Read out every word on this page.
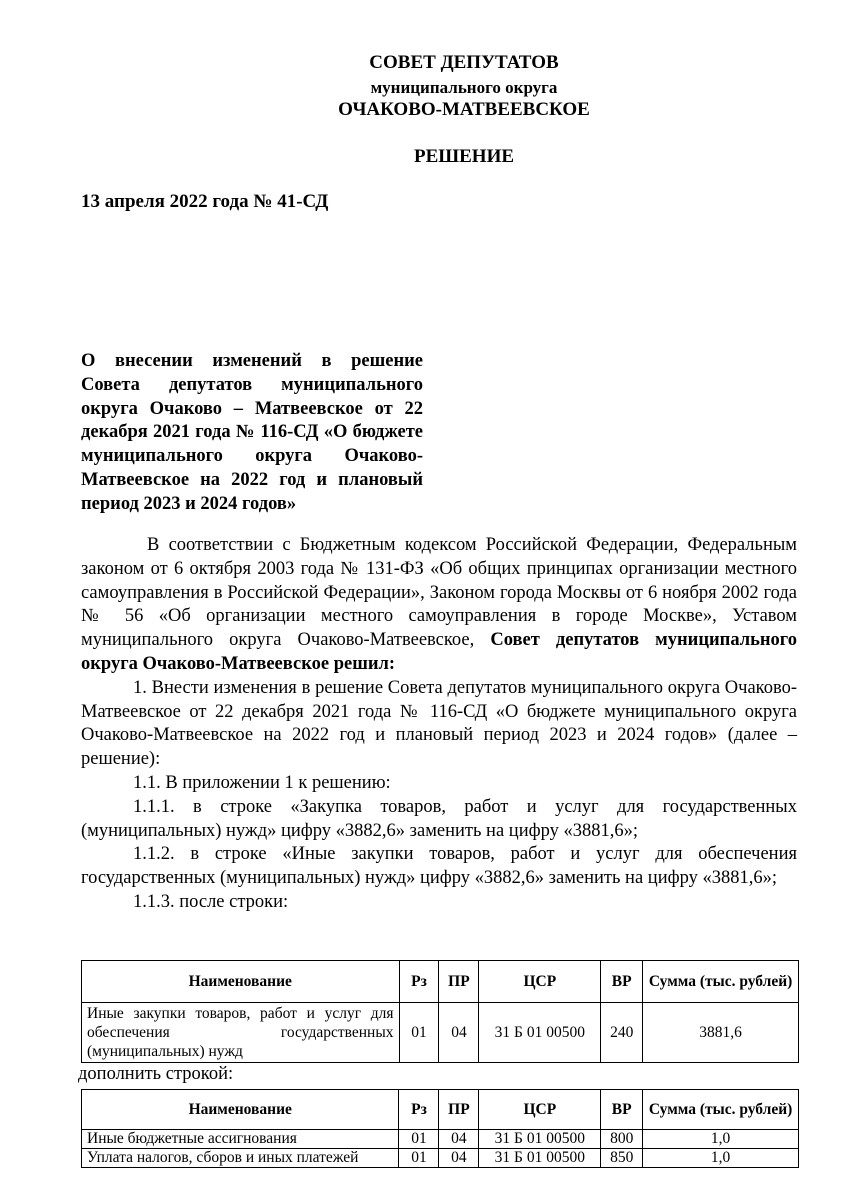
СОВЕТ ДЕПУТАТОВ
муниципального округа
ОЧАКОВО-МАТВЕЕВСКОЕ
РЕШЕНИЕ
13 апреля 2022 года № 41-СД
О внесении изменений в решение Совета депутатов муниципального округа Очаково – Матвеевское от 22 декабря 2021 года № 116-СД «О бюджете муниципального округа Очаково-Матвеевское на 2022 год и плановый период 2023 и 2024 годов»

В соответствии с Бюджетным кодексом Российской Федерации, Федеральным законом от 6 октября 2003 года № 131-ФЗ «Об общих принципах организации местного самоуправления в Российской Федерации», Законом города Москвы от 6 ноября 2002 года № 56 «Об организации местного самоуправления в городе Москве», Уставом муниципального округа Очаково-Матвеевское, Совет депутатов муниципального округа Очаково-Матвеевское решил:

1. Внести изменения в решение Совета депутатов муниципального округа Очаково-Матвеевское от 22 декабря 2021 года № 116-СД «О бюджете муниципального округа Очаково-Матвеевское на 2022 год и плановый период 2023 и 2024 годов» (далее – решение):

1.1. В приложении 1 к решению:

1.1.1. в строке «Закупка товаров, работ и услуг для государственных (муниципальных) нужд» цифру «3882,6» заменить на цифру «3881,6»;

1.1.2. в строке «Иные закупки товаров, работ и услуг для обеспечения государственных (муниципальных) нужд» цифру «3882,6» заменить на цифру «3881,6»;

1.1.3. после строки:

Наименование	Рз	ПР	ЦСР	ВР	Сумма (тыс. рублей)
Иные закупки товаров, работ и услуг для обеспечения государственных (муниципальных) нужд	01	04	31 Б 01 00500	240	3881,6
дополнить строкой:
Наименование	Рз	ПР	ЦСР	ВР	Сумма (тыс. рублей)
Иные бюджетные ассигнования	01	04	31 Б 01 00500	800	1,0
Уплата налогов, сборов и иных платежей	01	04	31 Б 01 00500	850	1,0
